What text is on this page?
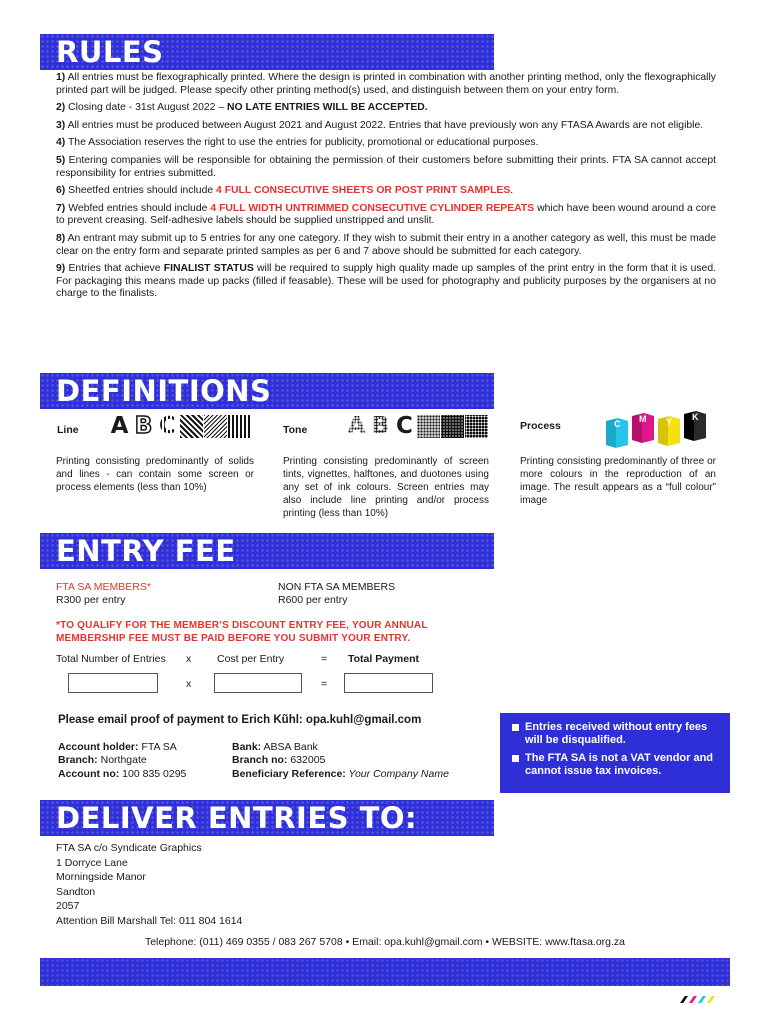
RULES

1) All entries must be flexographically printed. Where the design is printed in combination with another printing method, only the flexographically printed part will be judged. Please specify other printing method(s) used, and distinguish between them on your entry form.

2) Closing date - 31st August 2022 – NO LATE ENTRIES WILL BE ACCEPTED.

3) All entries must be produced between August 2021 and August 2022. Entries that have previously won any FTASA Awards are not eligible.

4) The Association reserves the right to use the entries for publicity, promotional or educational purposes.

5) Entering companies will be responsible for obtaining the permission of their customers before submitting their prints. FTA SA cannot accept responsibility for entries submitted.

6) Sheetfed entries should include 4 FULL CONSECUTIVE SHEETS OR POST PRINT SAMPLES.

7) Webfed entries should include 4 FULL WIDTH UNTRIMMED CONSECUTIVE CYLINDER REPEATS which have been wound around a core to prevent creasing. Self-adhesive labels should be supplied unstripped and unslit.

8) An entrant may submit up to 5 entries for any one category. If they wish to submit their entry in a another category as well, this must be made clear on the entry form and separate printed samples as per 6 and 7 above should be submitted for each category.

9) Entries that achieve FINALIST STATUS will be required to supply high quality made up samples of the print entry in the form that it is used. For packaging this means made up packs (filled if feasable). These will be used for photography and publicity purposes by the organisers at no charge to the finalists.

DEFINITIONS
Line A B C
Printing consisting predominantly of solids and lines - can contain some screen or process elements (less than 10%)
Tone A B C
Printing consisting predominantly of screen tints, vignettes, halftones, and duotones using any set of ink colours. Screen entries may also include line printing and/or process printing (less than 10%)
Process	C M Y K
Printing consisting predominantly of three or more colours in the reproduction of an image. The result appears as a “full colour” image
ENTRY FEE
FTA SA MEMBERS*
R300 per entry
NON FTA SA MEMBERS
R600 per entry
*TO QUALIFY FOR THE MEMBER’S DISCOUNT ENTRY FEE, YOUR ANNUAL MEMBERSHIP FEE MUST BE PAID BEFORE YOU SUBMIT YOUR ENTRY.
Total Number of Entries x Cost per Entry	= Total Payment
x	=
Please email proof of payment to Erich Kũhl: opa.kuhl@gmail.com
Account holder: FTA SA
Branch: Northgate
Account no: 100 835 0295
Bank: ABSA Bank
Branch no: 632005
Beneficiary Reference: Your Company Name
Entries received without entry fees will be disqualified.
The FTA SA is not a VAT vendor and cannot issue tax invoices.
DELIVER ENTRIES TO:
FTA SA c/o Syndicate Graphics
1 Dorryce Lane
Morningside Manor
Sandton
2057
Attention Bill Marshall Tel: 011 804 1614
Telephone: (011) 469 0355 / 083 267 5708 • Email: opa.kuhl@gmail.com • WEBSITE: www.ftasa.org.za
